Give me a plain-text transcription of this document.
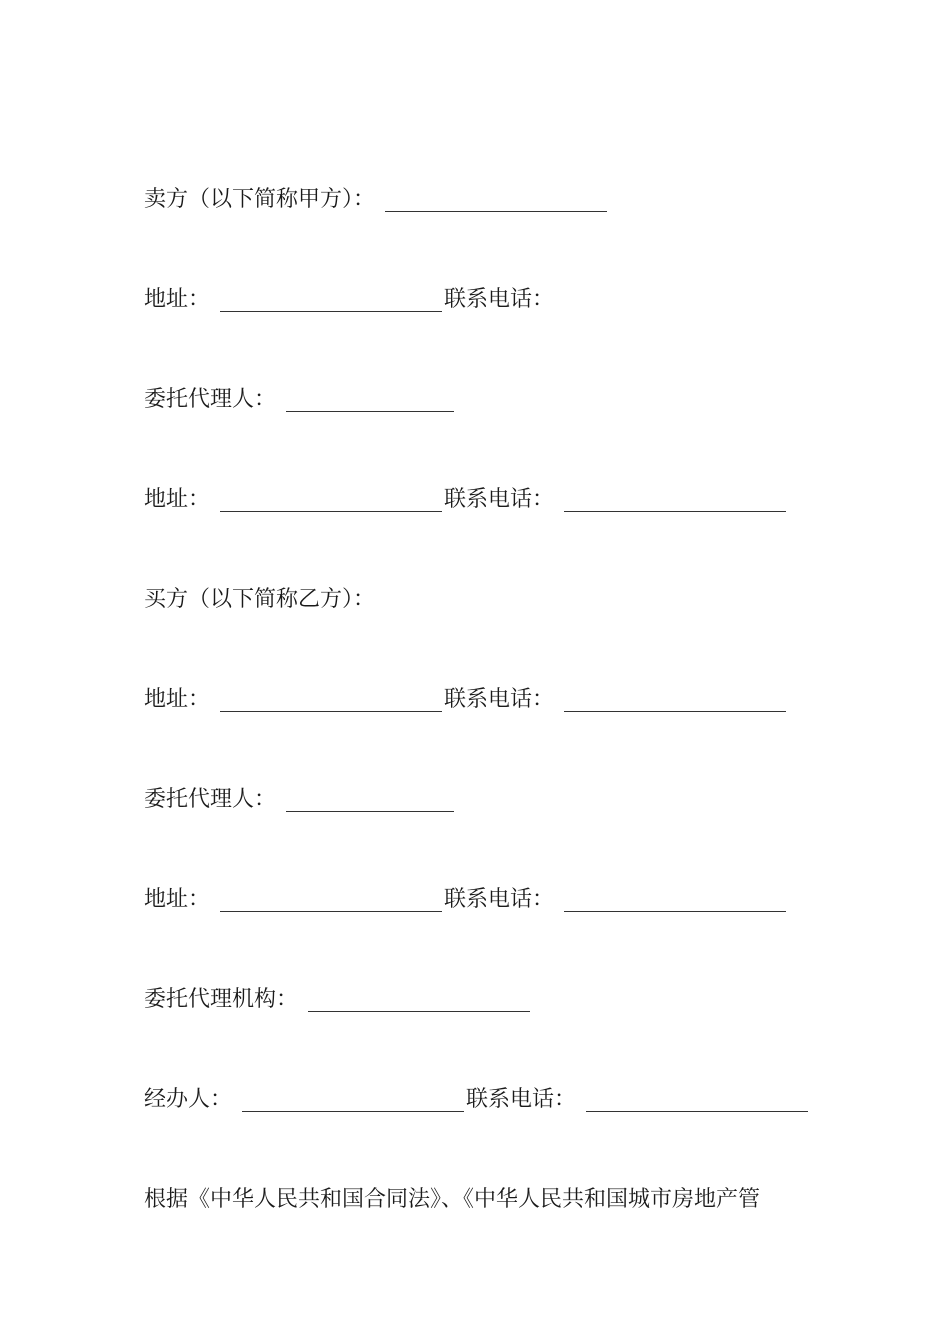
卖方（以下简称甲方）：
地址：	联系电话：
委托代理人：
地址：	联系电话：
买方（以下简称乙方）：
地址：	联系电话：
委托代理人：
地址：	联系电话：
委托代理机构：
经办人：	联系电话：
根据《中华人民共和国合同法》、《中华人民共和国城市房地产管
